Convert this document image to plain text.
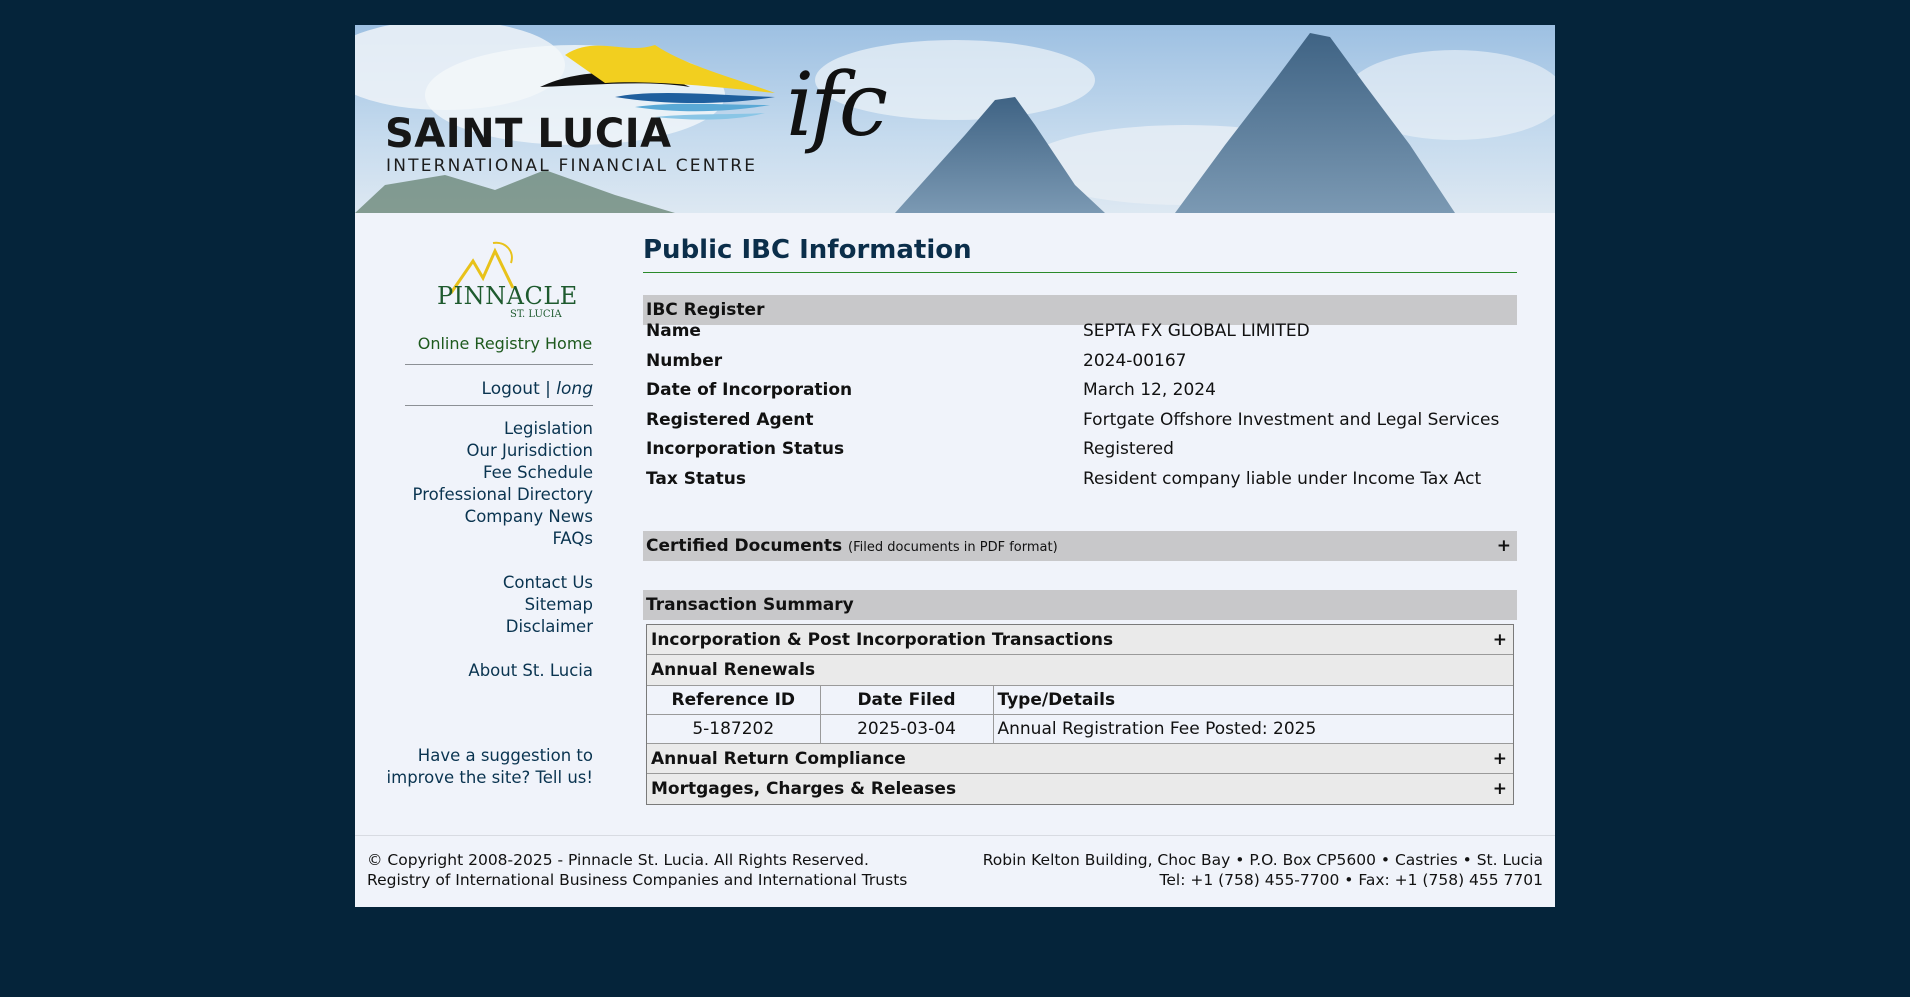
SAINT LUCIA
INTERNATIONAL FINANCIAL CENTRE
ifc
PINNACLE
ST. LUCIA
Online Registry Home
Logout | long
Legislation
Our Jurisdiction
Fee Schedule
Professional Directory
Company News
FAQs
Contact Us
Sitemap
Disclaimer
About St. Lucia
Have a suggestion to
improve the site? Tell us!
Public IBC Information
IBC Register
Name	SEPTA FX GLOBAL LIMITED
Number	2024-00167
Date of Incorporation	March 12, 2024
Registered Agent	Fortgate Offshore Investment and Legal Services
Incorporation Status	Registered
Tax Status	Resident company liable under Income Tax Act
Certified Documents (Filed documents in PDF format)	+
Transaction Summary
Incorporation & Post Incorporation Transactions	+
Annual Renewals
Reference ID	Date Filed	Type/Details
5-187202	2025-03-04	Annual Registration Fee Posted: 2025
Annual Return Compliance	+
Mortgages, Charges & Releases	+
© Copyright 2008-2025 - Pinnacle St. Lucia. All Rights Reserved.
Registry of International Business Companies and International Trusts
Robin Kelton Building, Choc Bay • P.O. Box CP5600 • Castries • St. Lucia
Tel: +1 (758) 455-7700 • Fax: +1 (758) 455 7701
